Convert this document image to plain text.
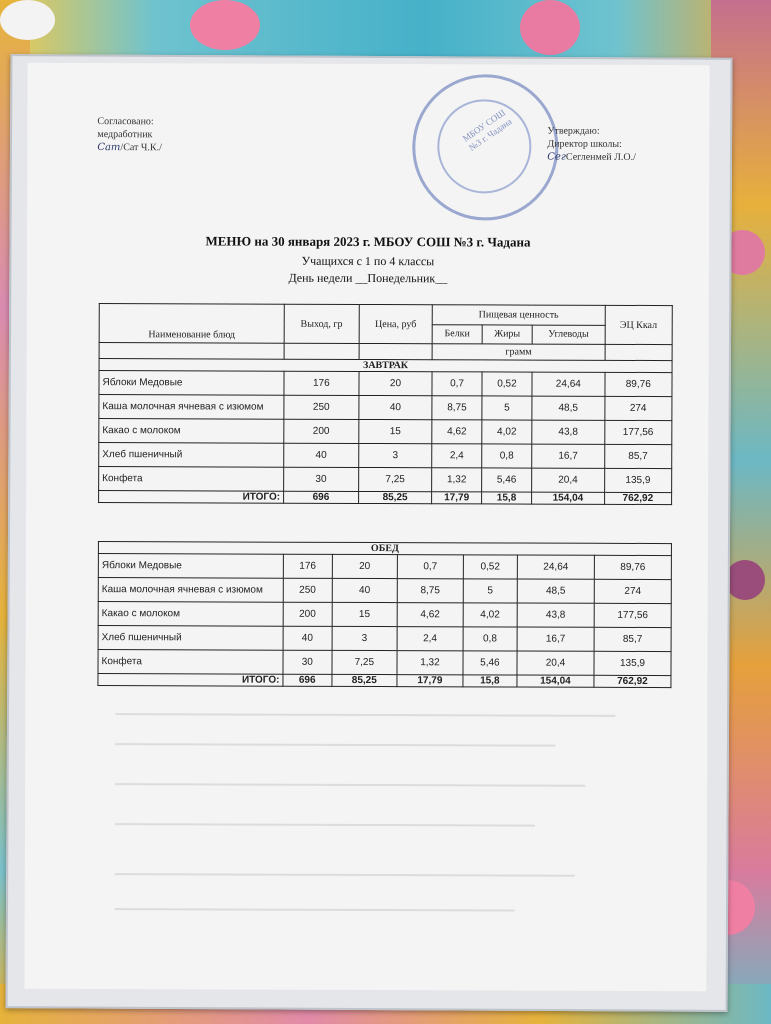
МБОУ СОШ №3 г. Чадана
Согласовано:
медработник
Сат/Сат Ч.К./
Утверждаю:
Директор школы:
СегСегленмей Л.О./
МЕНЮ на 30 января 2023 г. МБОУ СОШ №3 г. Чадана
Учащихся с 1 по 4 классы
День недели __Понедельник__
Наименование блюд	Выход, гр	Цена, руб	Пищевая ценность			ЭЦ Ккал
			Белки	Жиры	Углеводы	
			грамм			
ЗАВТРАК						
Яблоки Медовые	176	20	0,7	0,52	24,64	89,76
Каша молочная ячневая с изюмом	250	40	8,75	5	48,5	274
Какао с молоком	200	15	4,62	4,02	43,8	177,56
Хлеб пшеничный	40	3	2,4	0,8	16,7	85,7
Конфета	30	7,25	1,32	5,46	20,4	135,9
ИТОГО:	696	85,25	17,79	15,8	154,04	762,92
ОБЕД						
Яблоки Медовые	176	20	0,7	0,52	24,64	89,76
Каша молочная ячневая с изюмом	250	40	8,75	5	48,5	274
Какао с молоком	200	15	4,62	4,02	43,8	177,56
Хлеб пшеничный	40	3	2,4	0,8	16,7	85,7
Конфета	30	7,25	1,32	5,46	20,4	135,9
ИТОГО:	696	85,25	17,79	15,8	154,04	762,92
